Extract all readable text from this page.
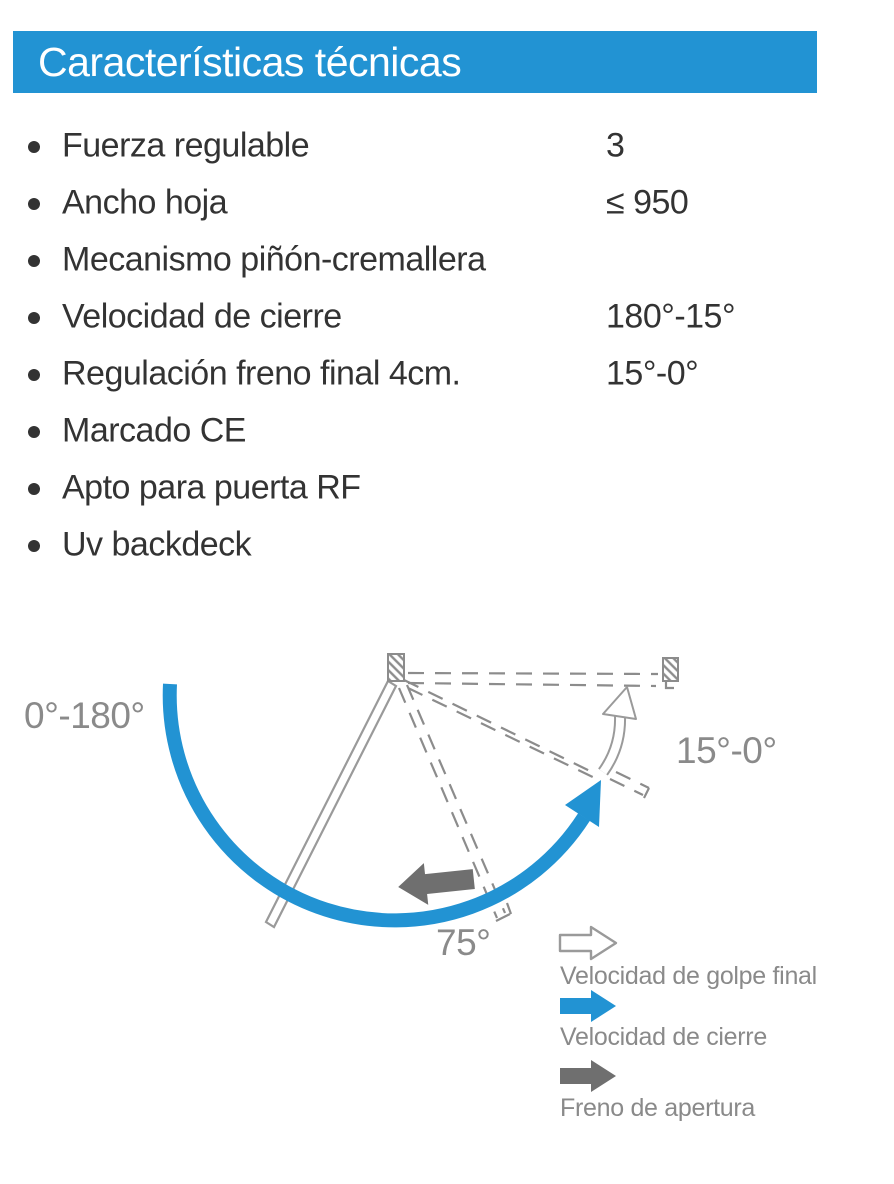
Características técnicas
Fuerza regulable	3
Ancho hoja	≤ 950
Mecanismo piñón-cremallera
Velocidad de cierre	180°-15°
Regulación freno final 4cm.	15°-0°
Marcado CE
Apto para puerta RF
Uv backdeck
0°-180°
15°-0°
75°
Velocidad de golpe final
Velocidad de cierre
Freno de apertura
